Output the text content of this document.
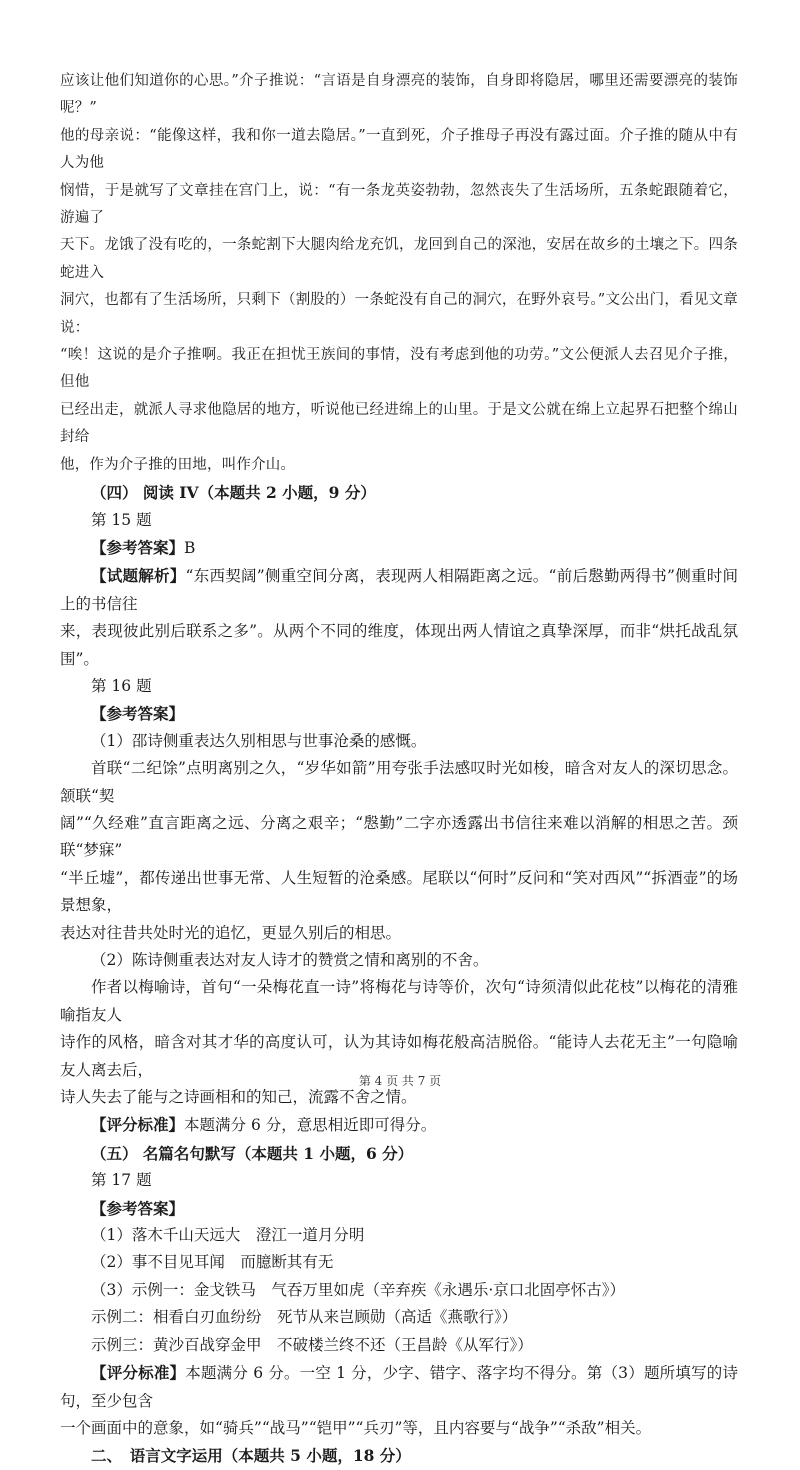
应该让他们知道你的心思。”介子推说：“言语是自身漂亮的装饰，自身即将隐居，哪里还需要漂亮的装饰呢？”

他的母亲说：“能像这样，我和你一道去隐居。”一直到死，介子推母子再没有露过面。介子推的随从中有人为他

悯惜，于是就写了文章挂在宫门上，说：“有一条龙英姿勃勃，忽然丧失了生活场所，五条蛇跟随着它，游遍了

天下。龙饿了没有吃的，一条蛇割下大腿肉给龙充饥，龙回到自己的深池，安居在故乡的土壤之下。四条蛇进入

洞穴，也都有了生活场所，只剩下（割股的）一条蛇没有自己的洞穴，在野外哀号。”文公出门，看见文章说：

“唉！这说的是介子推啊。我正在担忧王族间的事情，没有考虑到他的功劳。”文公便派人去召见介子推，但他

已经出走，就派人寻求他隐居的地方，听说他已经进绵上的山里。于是文公就在绵上立起界石把整个绵山封给

他，作为介子推的田地，叫作介山。

（四） 阅读 IV（本题共 2 小题，9 分）

第 15 题

【参考答案】B

【试题解析】“东西契阔”侧重空间分离，表现两人相隔距离之远。“前后慇勤两得书”侧重时间上的书信往

来，表现彼此别后联系之多”。从两个不同的维度，体现出两人情谊之真挚深厚，而非“烘托战乱氛围”。

第 16 题

【参考答案】

（1）邵诗侧重表达久别相思与世事沧桑的感慨。

首联“二纪馀”点明离别之久，“岁华如箭”用夸张手法感叹时光如梭，暗含对友人的深切思念。颔联“契

阔”“久经难”直言距离之远、分离之艰辛；“慇勤”二字亦透露出书信往来难以消解的相思之苦。颈联“梦寐”

“半丘墟”，都传递出世事无常、人生短暂的沧桑感。尾联以“何时”反问和“笑对西风”“拆酒壶”的场景想象，

表达对往昔共处时光的追忆，更显久别后的相思。

（2）陈诗侧重表达对友人诗才的赞赏之情和离别的不舍。

作者以梅喻诗，首句“一朵梅花直一诗”将梅花与诗等价，次句“诗须清似此花枝”以梅花的清雅喻指友人

诗作的风格，暗含对其才华的高度认可，认为其诗如梅花般高洁脱俗。“能诗人去花无主”一句隐喻友人离去后，

诗人失去了能与之诗画相和的知己，流露不舍之情。

【评分标准】本题满分 6 分，意思相近即可得分。

（五） 名篇名句默写（本题共 1 小题，6 分）

第 17 题

【参考答案】

（1）落木千山天远大　澄江一道月分明

（2）事不目见耳闻　而臆断其有无

（3）示例一：金戈铁马　气吞万里如虎（辛弃疾《永遇乐·京口北固亭怀古》）

示例二：相看白刃血纷纷　死节从来岂顾勋（高适《燕歌行》）

示例三：黄沙百战穿金甲　不破楼兰终不还（王昌龄《从军行》）

【评分标准】本题满分 6 分。一空 1 分，少字、错字、落字均不得分。第（3）题所填写的诗句，至少包含

一个画面中的意象，如“骑兵”“战马”“铠甲”“兵刃”等，且内容要与“战争”“杀敌”相关。

二、　语言文字运用（本题共 5 小题，18 分）

第 4 页 共 7 页
